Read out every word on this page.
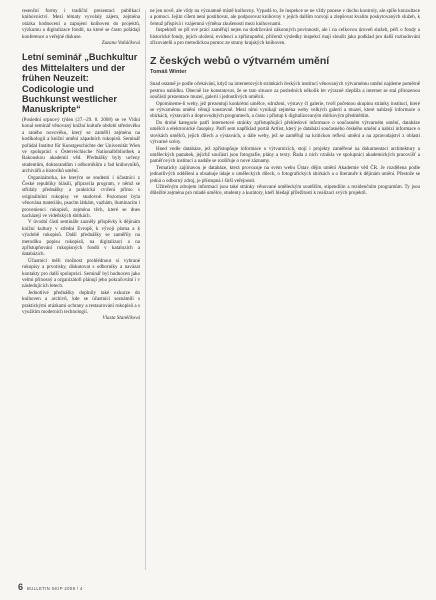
resenční formy i tradiční prezentaci publikací knihovnictví. Mezi tématy vyvolaly zájem, zejména otázka hodnocení a zapojení knihoven do projektů, výzkumu a digitalizace fondů, na které se často pořádají konference a veřejné diskuse.

Zuzana Vaňáčková
Letní seminář „Buchkultur des Mittelalters und der frühen Neuzeit: Codicologie und Buchkunst westlicher Manuskripte“

(Poslední srpnový týden (27.–29. 8. 2008) se ve Vídni konal seminář věnovaný knižní kultuře období středověku a raného novověku, který se zaměřil zejména na kodikologii a knižní umění západních rukopisů. Seminář pořádal Institut für Kunstgeschichte der Universität Wien ve spolupráci s Österreichische Nationalbibliothek a Rakouskou akademií věd. Přednášky byly určeny studentům, doktorandům i odborníkům z řad knihovníků, archivářů a historiků umění.

Organizátorka, ke kterým se studenti i účastníci z České republiky hlásili, připravila program, v němž se střídaly přednášky a praktická cvičení přímo s originálními rukopisy ve studovně. Pozornost byla věnována materiálu, psacím látkám, vazbám, iluminacím i provenienci rukopisů, zejména těch, které se dnes nacházejí ve vídeňských sbírkách.

V úvodní části semináře zazněly příspěvky k dějinám knižní kultury v střední Evropě, k vývoji písma a k výzdobě rukopisů. Další přednášky se zaměřily na metodiku popisu rukopisů, na digitalizaci a na zpřístupňování rukopisných fondů v katalozích a databázích.

Účastníci měli možnost prohlédnout si vybrané rukopisy a prvotisky, diskutovat s odborníky a navázat kontakty pro další spolupráci. Seminář byl hodnocen jako velmi přínosný a organizátoři plánují jeho pokračování i v následujících letech.

Jednotlivé přednášky doplnily také exkurze do knihoven a archivů, kde se účastníci seznámili s praktickými otázkami ochrany a restaurování rukopisů a s využitím moderních technologií.

Vlasta Staněčková

ne jen nově, ale vždy na významně místě knihovny. Vypadá to, že inspekce se ne vždy ponese v duchu kontroly, ale spíše konzultace a pomoci. Jejím cílem není postihovat, ale podporovat knihovny v jejich dalším rozvoji a zlepšovat kvalitu poskytovaných služeb, k čemuž přispívá i vzájemná výměna zkušeností mezi knihovnami.

Inspektoři se při své práci zaměřují nejen na dodržování zákonných povinností, ale i na celkovou úroveň služeb, péči o fondy a historické fondy, jejich uložení, evidenci a zpřístupnění, přičemž výsledky inspekcí mají sloužit jako podklad pro další rozhodování zřizovatelů a pro metodickou pomoc ze strany krajských knihoven.

Z českých webů o výtvarném umění
Tomáš Winter

Snad ostatně je podle očekávání, když na internetových stránkách českých institucí věnovaných výtvarnému umění najdeme poměrně pestrou nabídku. Obecně lze konstatovat, že se tato situace za posledních několik let výrazně zlepšila a internet se stal přirozenou součástí prezentace muzeí, galerií i jednotlivých umělců.

Opomineme-li weby, jež prezentují konkrétní umělce, sdružení, výstavy či galerie, tvoří početnou skupinu stránky institucí, které se výtvarnému umění věnují soustavně. Mezi nimi vynikají zejména weby velkých galerií a muzeí, které nabízejí informace o sbírkách, výstavách a doprovodných programech, a často i přístup k digitalizovaným sbírkovým předmětům.

Do druhé kategorie patří internetové stránky zpřístupňující přehledové informace o současném výtvarném umění, databáze umělců a elektronické časopisy. Patří sem například portál Artlist, který je databází současného českého umění a nabízí informace o stovkách umělců, jejich dílech a výstavách, a dále weby, jež se zaměřují na kritickou reflexi umění a na zpravodajství z oblasti výtvarné scény.

Hned vedle databáze, jež zpřístupňuje informace o výtvarnících, stojí i projekty zaměřené na dokumentaci architektury a uměleckých památek, jejichž součástí jsou fotografie, plány a texty. Řada z nich vznikla ve spolupráci akademických pracovišť a paměťových institucí a nadále se rozšiřuje o nové záznamy.

Tematicky zajímavou je databáze, která provozuje na svém webu Ústav dějin umění Akademie věd ČR. Je rozdělena podle jednotlivých oddělení a obsahuje údaje o uměleckých dílech, o fotografických sbírkách a o literatuře k dějinám umění. Přestože se jedná o odborný zdroj, je přístupná i širší veřejnosti.

Užitečným zdrojem informací jsou také stránky věnované uměleckým soutěžím, stipendiím a rezidenčním programům. Ty jsou důležité zejména pro mladé umělce, studenty a kurátory, kteří hledají příležitosti k realizaci svých projektů.

6 BULLETIN SKIP 2008 / 4
